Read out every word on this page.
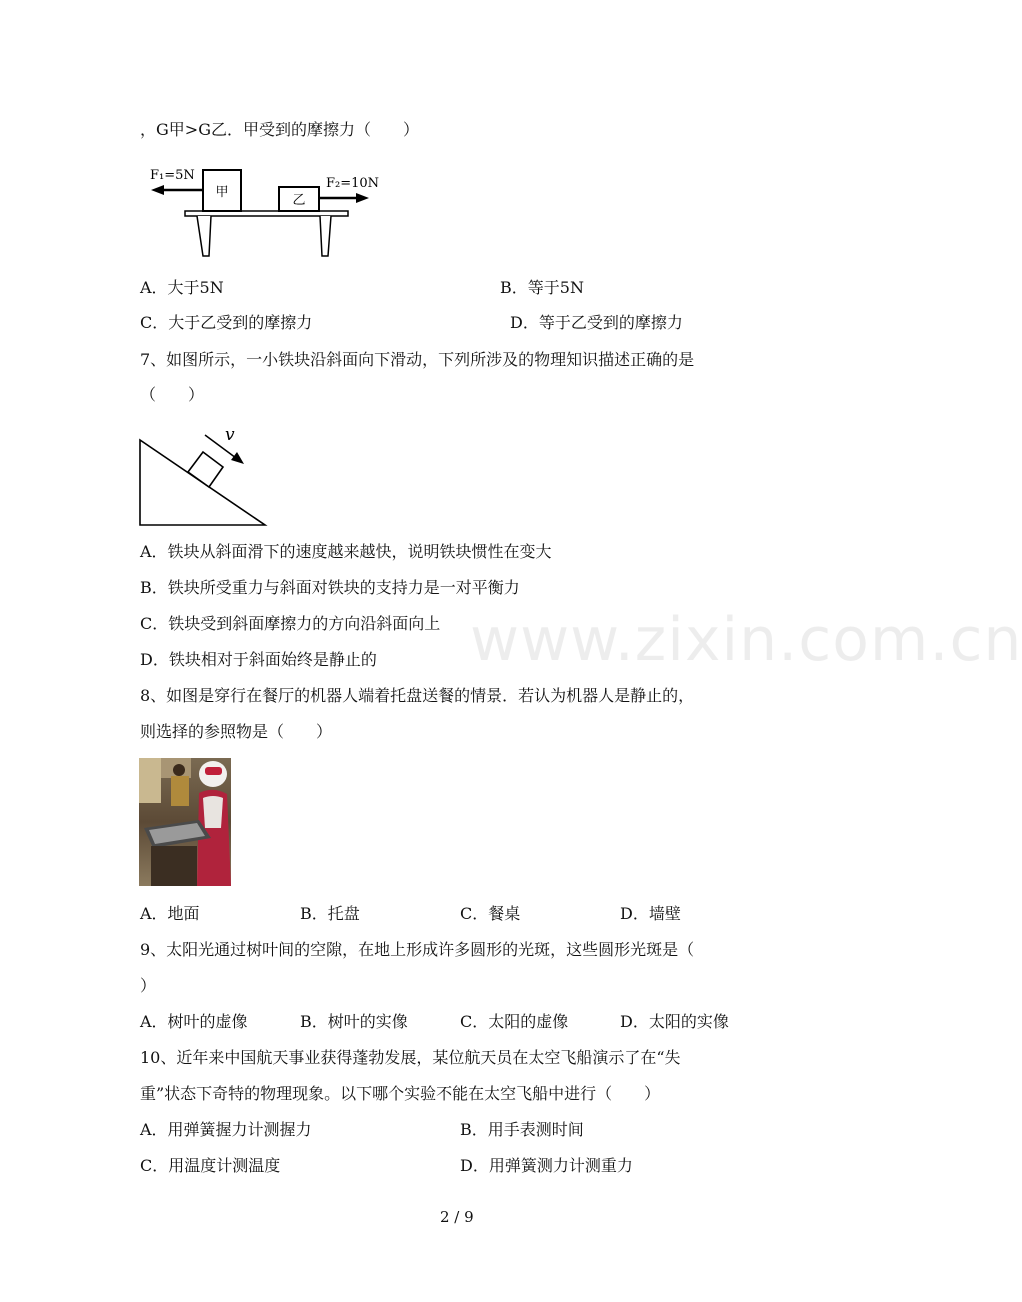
www.zixin.com.cn
，G甲>G乙．甲受到的摩擦力（　　）
甲
乙
F₁=5N
F₂=10N
A．大于5N	B．等于5N
C．大于乙受到的摩擦力	D．等于乙受到的摩擦力
7、如图所示，一小铁块沿斜面向下滑动，下列所涉及的物理知识描述正确的是
（　　）
v
A．铁块从斜面滑下的速度越来越快，说明铁块惯性在变大
B．铁块所受重力与斜面对铁块的支持力是一对平衡力
C．铁块受到斜面摩擦力的方向沿斜面向上
D．铁块相对于斜面始终是静止的
8、如图是穿行在餐厅的机器人端着托盘送餐的情景．若认为机器人是静止的，
则选择的参照物是（　　）
A．地面	B．托盘	C．餐桌	D．墙壁
9、太阳光通过树叶间的空隙，在地上形成许多圆形的光斑，这些圆形光斑是（
）
A．树叶的虚像	B．树叶的实像	C．太阳的虚像	D．太阳的实像
10、近年来中国航天事业获得蓬勃发展，某位航天员在太空飞船演示了在“失
重”状态下奇特的物理现象。以下哪个实验不能在太空飞船中进行（　　）
A．用弹簧握力计测握力	B．用手表测时间
C．用温度计测温度	D．用弹簧测力计测重力
2 / 9
